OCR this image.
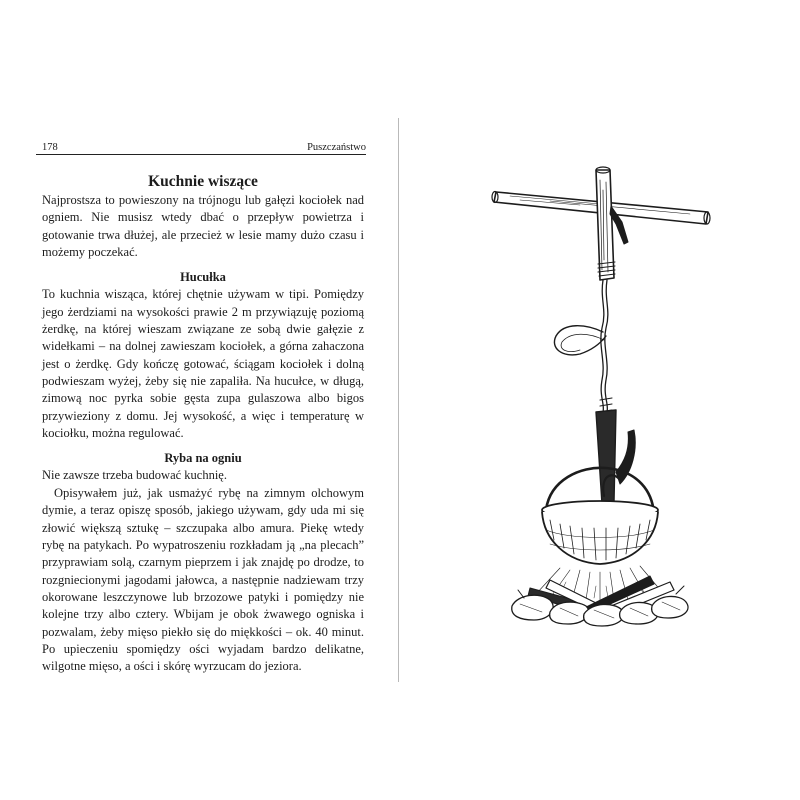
178	Puszczaństwo
Kuchnie wiszące

Najprostsza to powieszony na trójnogu lub gałęzi kociołek nad ogniem. Nie musisz wtedy dbać o przepływ powietrza i gotowanie trwa dłużej, ale przecież w lesie mamy dużo czasu i możemy poczekać.

Hucułka

To kuchnia wisząca, której chętnie używam w tipi. Pomiędzy jego żerdziami na wysokości prawie 2 m przywiązuję poziomą żerdkę, na której wieszam związane ze sobą dwie gałęzie z widełkami – na dolnej zawieszam kociołek, a górna zahaczona jest o żerdkę. Gdy kończę gotować, ściągam kociołek i dolną podwieszam wyżej, żeby się nie zapaliła. Na hucułce, w długą, zimową noc pyrka sobie gęsta zupa gulaszowa albo bigos przywieziony z domu. Jej wysokość, a więc i temperaturę w kociołku, można regulować.

Ryba na ogniu

Nie zawsze trzeba budować kuchnię.

Opisywałem już, jak usmażyć rybę na zimnym olchowym dymie, a teraz opiszę sposób, jakiego używam, gdy uda mi się złowić większą sztukę – szczupaka albo amura. Piekę wtedy rybę na patykach. Po wypatroszeniu rozkładam ją „na plecach” przyprawiam solą, czarnym pieprzem i jak znajdę po drodze, to rozgniecionymi jagodami jałowca, a następnie nadziewam trzy okorowane leszczynowe lub brzozowe patyki i pomiędzy nie kolejne trzy albo cztery. Wbijam je obok żwawego ogniska i pozwalam, żeby mięso piekło się do miękkości – ok. 40 minut. Po upieczeniu spomiędzy ości wyjadam bardzo delikatne, wilgotne mięso, a ości i skórę wyrzucam do jeziora.
